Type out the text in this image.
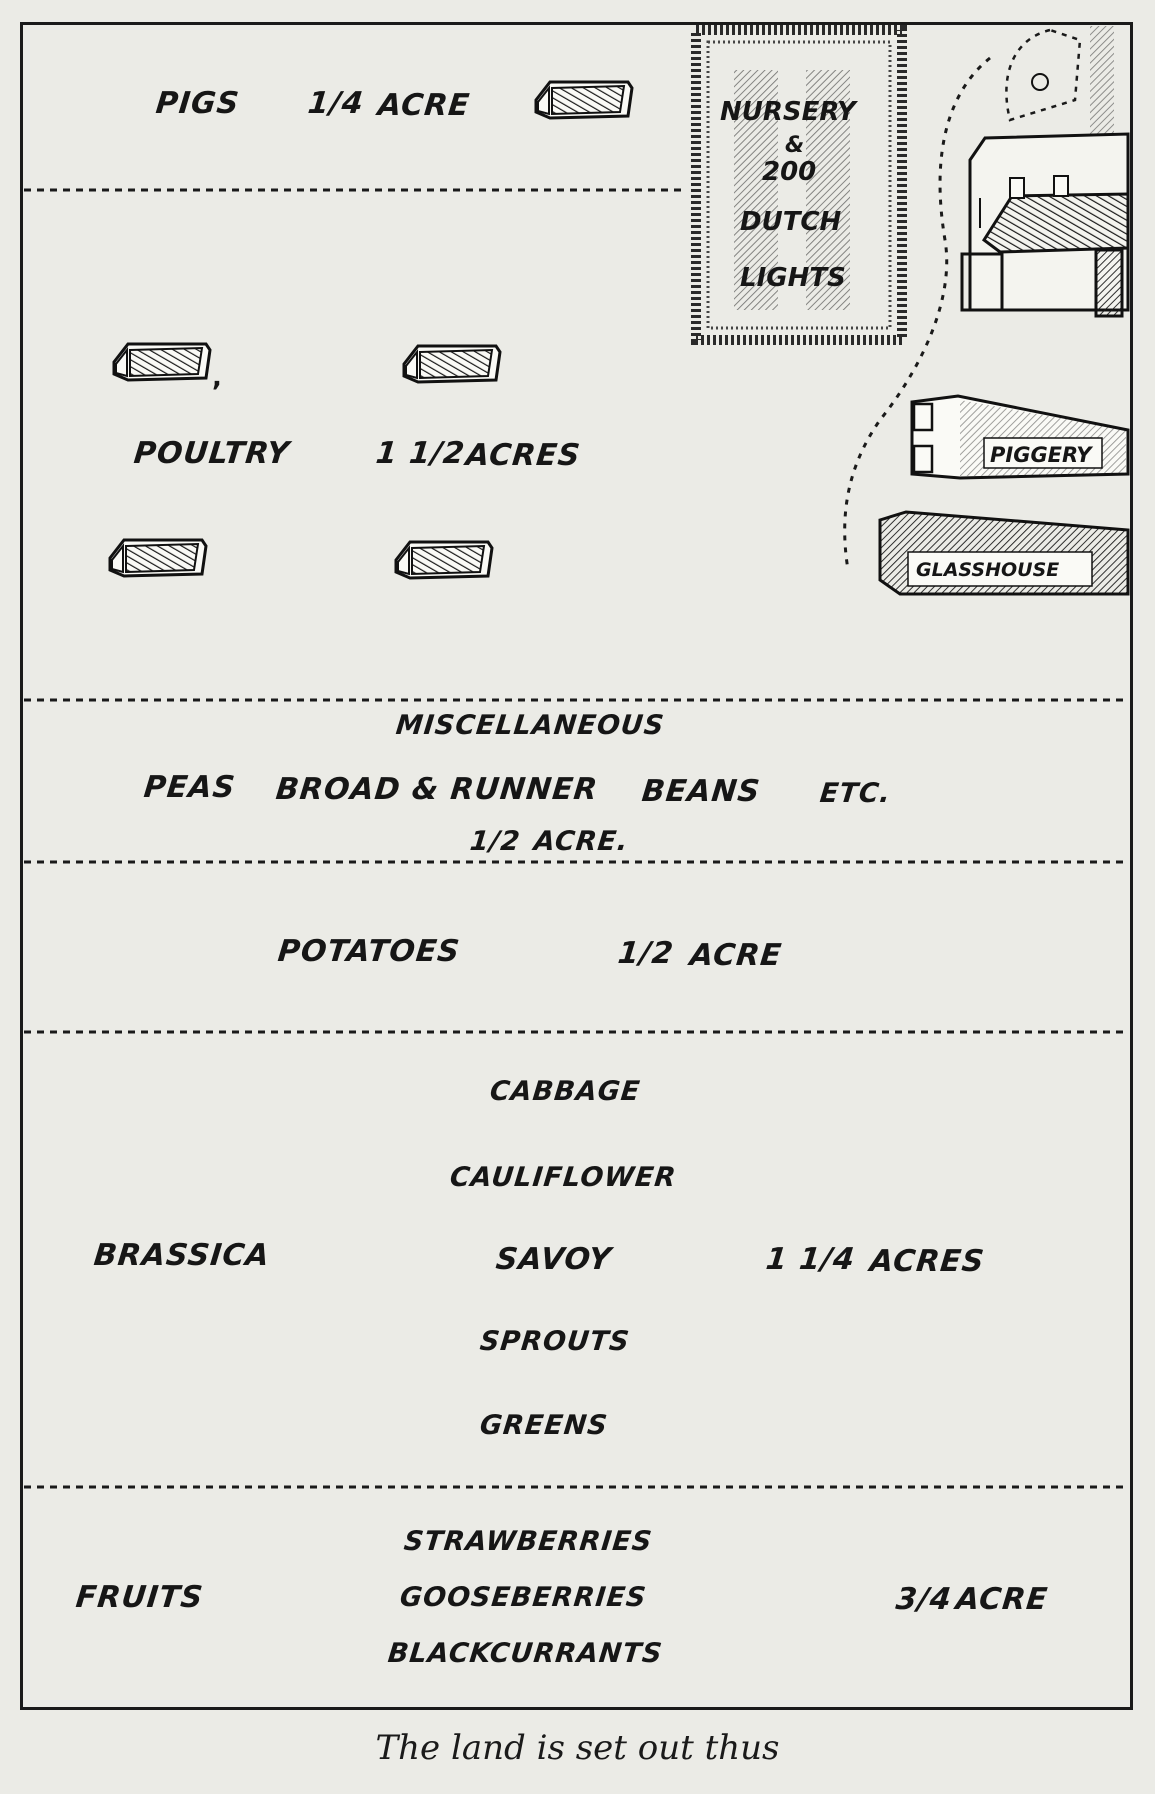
,
NURSERY
&
200
DUTCH
LIGHTS
PIGGERY
GLASSHOUSE
PIGS 1/4 ACRE
POULTRY	1 1/2
ACRES
MISCELLANEOUS
PEAS BROAD & RUNNER BEANS ETC.
1/2 ACRE.
POTATOES	1/2 ACRE
CABBAGE
CAULIFLOWER
BRASSICA	SAVOY	1 1/4 ACRES
SPROUTS
GREENS
STRAWBERRIES
FRUITS	GOOSEBERRIES	3/4 ACRE
BLACKCURRANTS
The land is set out thus
